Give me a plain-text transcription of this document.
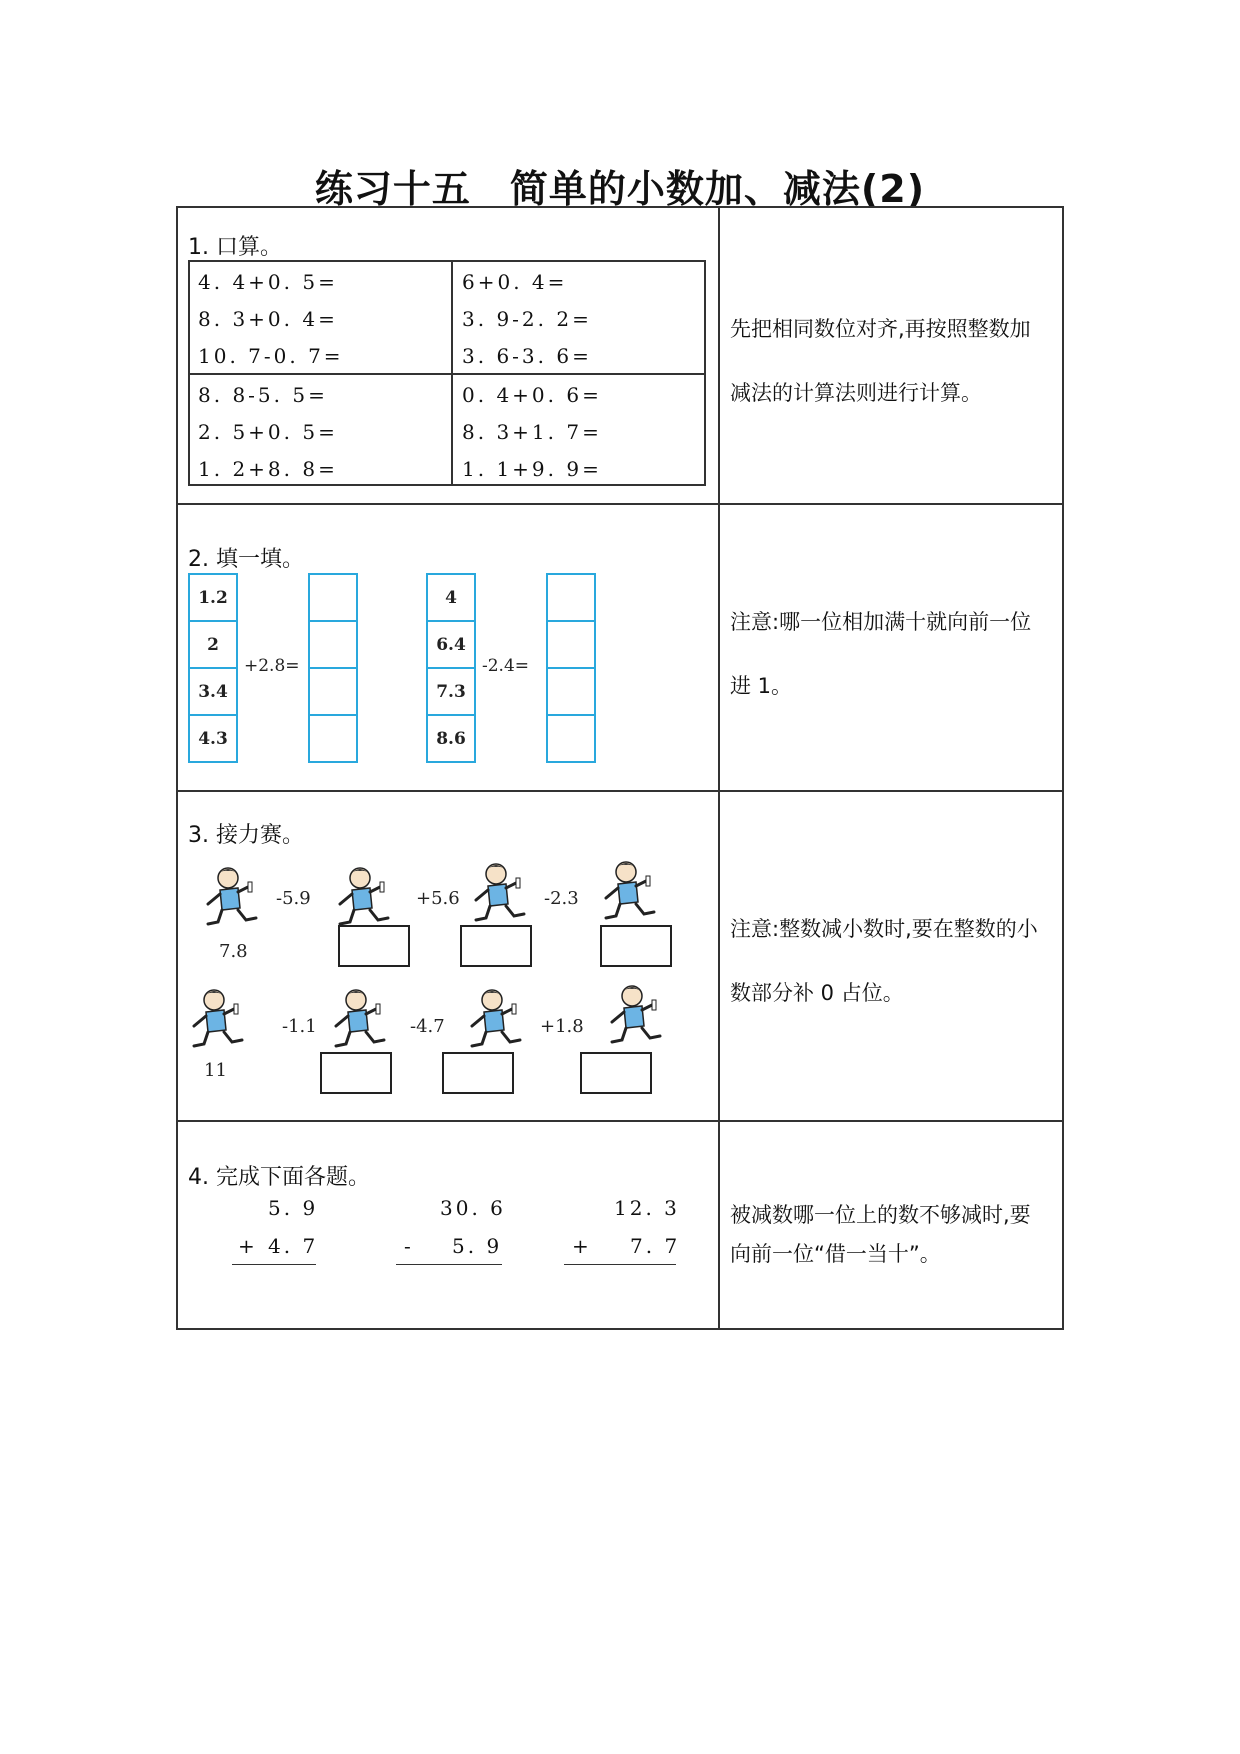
练习十五　简单的小数加、减法(2)
1. 口算。
4. 4+0. 5=
8. 3+0. 4=
10. 7-0. 7=
6+0. 4=
3. 9-2. 2=
3. 6-3. 6=
8. 8-5. 5=
2. 5+0. 5=
1. 2+8. 8=
0. 4+0. 6=
8. 3+1. 7=
1. 1+9. 9=
先把相同数位对齐,再按照整数加
减法的计算法则进行计算。
2. 填一填。
1.2
2
3.4
4.3
+2.8=
4
6.4
7.3
8.6
-2.4=
注意:哪一位相加满十就向前一位
进 1。
3. 接力赛。
7.8
-5.9	+5.6	-2.3
11
-1.1	-4.7	+1.8
注意:整数减小数时,要在整数的小
数部分补 0 占位。
4. 完成下面各题。
5. 9
+ 4. 7
30. 6
- 5. 9
12. 3
+ 7. 7
被减数哪一位上的数不够减时,要
向前一位“借一当十”。
